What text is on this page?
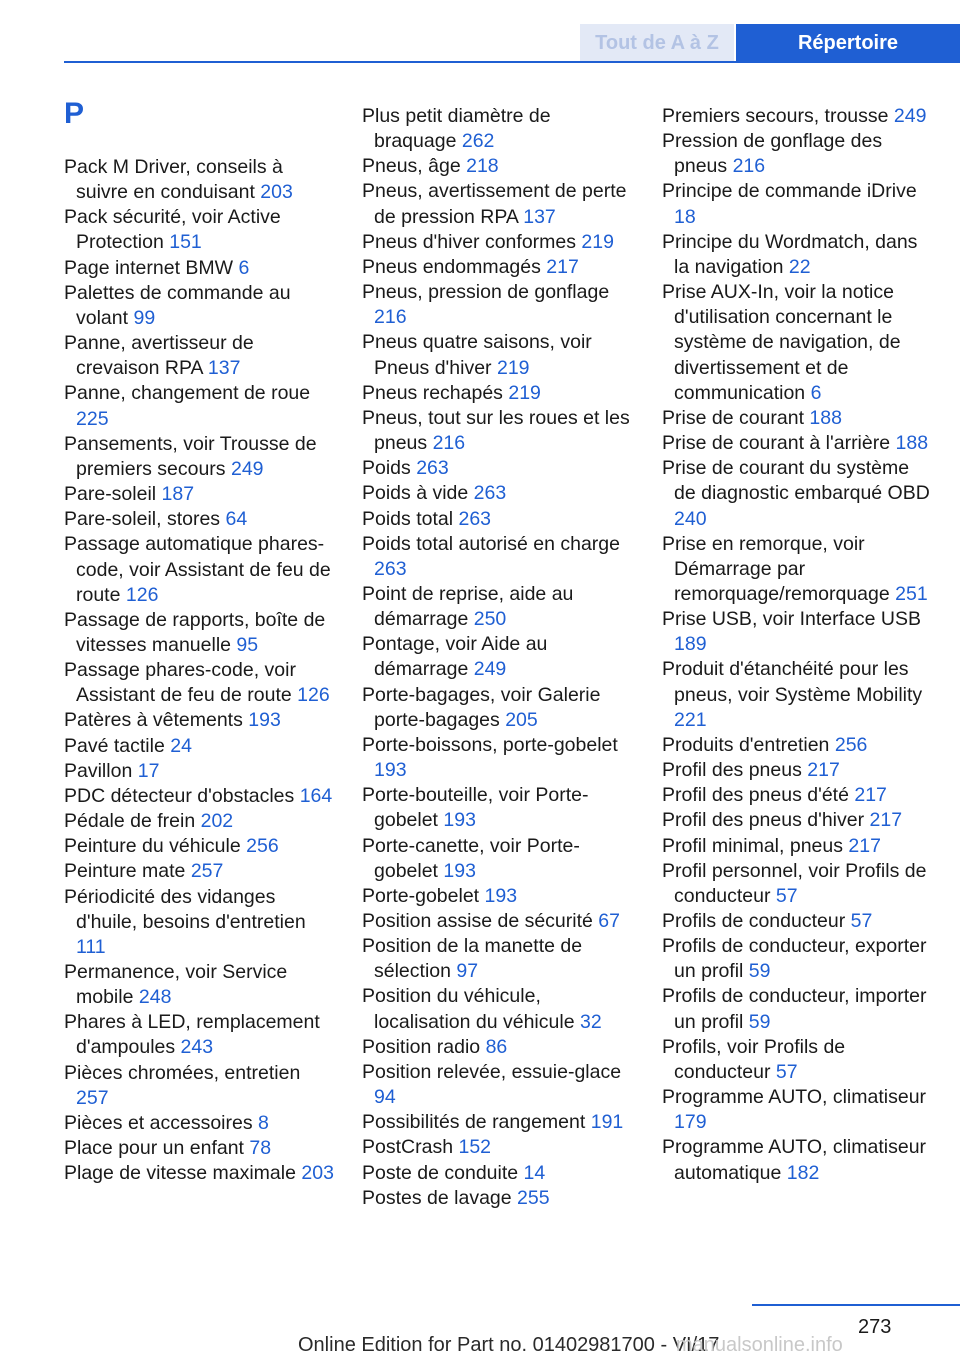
Tout de A à Z	Répertoire
P

Pack M Driver, conseils à suivre en conduisant 203

Pack sécurité, voir Active Protection 151

Page internet BMW 6

Palettes de commande au volant 99

Panne, avertisseur de crevaison RPA 137

Panne, changement de roue 225

Pansements, voir Trousse de premiers secours 249

Pare-soleil 187

Pare-soleil, stores 64

Passage automatique phares-code, voir Assistant de feu de route 126

Passage de rapports, boîte de vitesses manuelle 95

Passage phares-code, voir Assistant de feu de route 126

Patères à vêtements 193

Pavé tactile 24

Pavillon 17

PDC détecteur d'obstacles 164

Pédale de frein 202

Peinture du véhicule 256

Peinture mate 257

Périodicité des vidanges d'huile, besoins d'entretien 111

Permanence, voir Service mobile 248

Phares à LED, remplacement d'ampoules 243

Pièces chromées, entretien 257

Pièces et accessoires 8

Place pour un enfant 78

Plage de vitesse maximale 203

Plus petit diamètre de braquage 262

Pneus, âge 218

Pneus, avertissement de perte de pression RPA 137

Pneus d'hiver conformes 219

Pneus endommagés 217

Pneus, pression de gonflage 216

Pneus quatre saisons, voir Pneus d'hiver 219

Pneus rechapés 219

Pneus, tout sur les roues et les pneus 216

Poids 263

Poids à vide 263

Poids total 263

Poids total autorisé en charge 263

Point de reprise, aide au démarrage 250

Pontage, voir Aide au démarrage 249

Porte-bagages, voir Galerie porte-bagages 205

Porte-boissons, porte-gobelet 193

Porte-bouteille, voir Porte-gobelet 193

Porte-canette, voir Porte-gobelet 193

Porte-gobelet 193

Position assise de sécurité 67

Position de la manette de sélection 97

Position du véhicule, localisation du véhicule 32

Position radio 86

Position relevée, essuie-glace 94

Possibilités de rangement 191

PostCrash 152

Poste de conduite 14

Postes de lavage 255

Premiers secours, trousse 249

Pression de gonflage des pneus 216

Principe de commande iDrive 18

Principe du Wordmatch, dans la navigation 22

Prise AUX-In, voir la notice d'utilisation concernant le système de navigation, de divertissement et de communication 6

Prise de courant 188

Prise de courant à l'arrière 188

Prise de courant du système de diagnostic embarqué OBD 240

Prise en remorque, voir Démarrage par remorquage/remorquage 251

Prise USB, voir Interface USB 189

Produit d'étanchéité pour les pneus, voir Système Mobility 221

Produits d'entretien 256

Profil des pneus 217

Profil des pneus d'été 217

Profil des pneus d'hiver 217

Profil minimal, pneus 217

Profil personnel, voir Profils de conducteur 57

Profils de conducteur 57

Profils de conducteur, exporter un profil 59

Profils de conducteur, importer un profil 59

Profils, voir Profils de conducteur 57

Programme AUTO, climatiseur 179

Programme AUTO, climatiseur automatique 182

273
Online Edition for Part no. 01402981700 - VI/17
manualsonline.info
